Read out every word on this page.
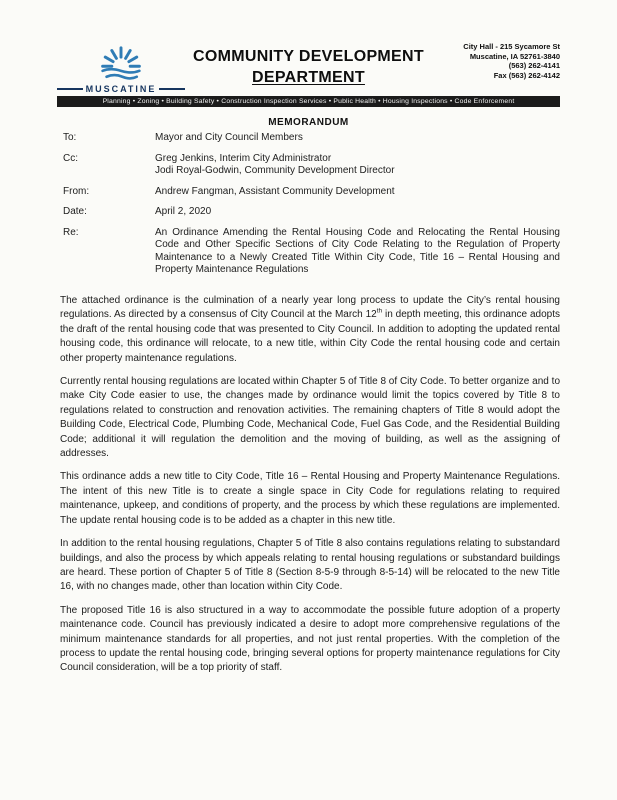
MUSCATINE
COMMUNITY DEVELOPMENT
DEPARTMENT
City Hall - 215 Sycamore St
Muscatine, IA 52761-3840
(563) 262-4141
Fax (563) 262-4142
Planning • Zoning • Building Safety • Construction Inspection Services • Public Health • Housing Inspections • Code Enforcement
MEMORANDUM
To:	Mayor and City Council Members
Cc:	Greg Jenkins, Interim City Administrator
Jodi Royal-Godwin, Community Development Director
From:	Andrew Fangman, Assistant Community Development
Date:	April 2, 2020
Re:	An Ordinance Amending the Rental Housing Code and Relocating the Rental Housing Code and Other Specific Sections of City Code Relating to the Regulation of Property Maintenance to a Newly Created Title Within City Code, Title 16 – Rental Housing and Property Maintenance Regulations

The attached ordinance is the culmination of a nearly year long process to update the City’s rental housing regulations. As directed by a consensus of City Council at the March 12th in depth meeting, this ordinance adopts the draft of the rental housing code that was presented to City Council. In addition to adopting the updated rental housing code, this ordinance will relocate, to a new title, within City Code the rental housing code and certain other property maintenance regulations.

Currently rental housing regulations are located within Chapter 5 of Title 8 of City Code. To better organize and to make City Code easier to use, the changes made by ordinance would limit the topics covered by Title 8 to regulations related to construction and renovation activities. The remaining chapters of Title 8 would adopt the Building Code, Electrical Code, Plumbing Code, Mechanical Code, Fuel Gas Code, and the Residential Building Code; additional it will regulation the demolition and the moving of building, as well as the assigning of addresses.

This ordinance adds a new title to City Code, Title 16 – Rental Housing and Property Maintenance Regulations. The intent of this new Title is to create a single space in City Code for regulations relating to required maintenance, upkeep, and conditions of property, and the process by which these regulations are implemented. The update rental housing code is to be added as a chapter in this new title.

In addition to the rental housing regulations, Chapter 5 of Title 8 also contains regulations relating to substandard buildings, and also the process by which appeals relating to rental housing regulations or substandard buildings are heard. These portion of Chapter 5 of Title 8 (Section 8-5-9 through 8-5-14) will be relocated to the new Title 16, with no changes made, other than location within City Code.

The proposed Title 16 is also structured in a way to accommodate the possible future adoption of a property maintenance code. Council has previously indicated a desire to adopt more comprehensive regulations of the minimum maintenance standards for all properties, and not just rental properties. With the completion of the process to update the rental housing code, bringing several options for property maintenance regulations for City Council consideration, will be a top priority of staff.
